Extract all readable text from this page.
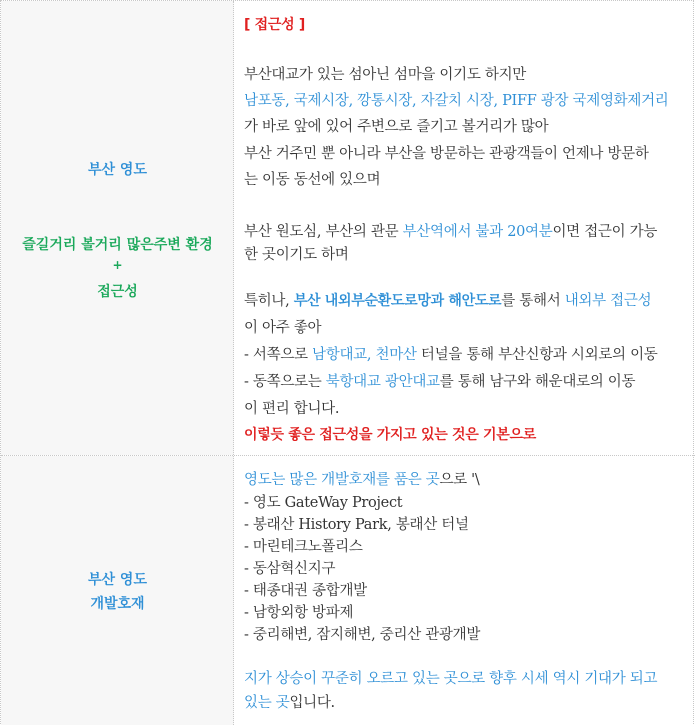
부산 영도
즐길거리 볼거리 많은주변 환경
+
접근성
[ 접근성 ]
부산대교가 있는 섬아닌 섬마을 이기도 하지만
남포동, 국제시장, 깡통시장, 자갈치 시장, PIFF 광장 국제영화제거리
가 바로 앞에 있어 주변으로 즐기고 볼거리가 많아
부산 거주민 뿐 아니라 부산을 방문하는 관광객들이 언제나 방문하
는 이동 동선에 있으며
부산 원도심, 부산의 관문 부산역에서 불과 20여분이면 접근이 가능
한 곳이기도 하며
특히나, 부산 내외부순환도로망과 해안도로를 통해서 내외부 접근성
이 아주 좋아
- 서쪽으로 남항대교, 천마산 터널을 통해 부산신항과 시외로의 이동
- 동쪽으로는 북항대교 광안대교를 통해 남구와 해운대로의 이동
이 편리 합니다.
이렇듯 좋은 접근성을 가지고 있는 것은 기본으로
부산 영도
개발호재
영도는 많은 개발호재를 품은 곳으로 '\
- 영도 GateWay Project
- 봉래산 History Park, 봉래산 터널
- 마린테크노폴리스
- 동삼혁신지구
- 태종대권 종합개발
- 남항외항 방파제
- 중리해변, 잠지해변, 중리산 관광개발
지가 상승이 꾸준히 오르고 있는 곳으로 향후 시세 역시 기대가 되고
있는 곳입니다.
